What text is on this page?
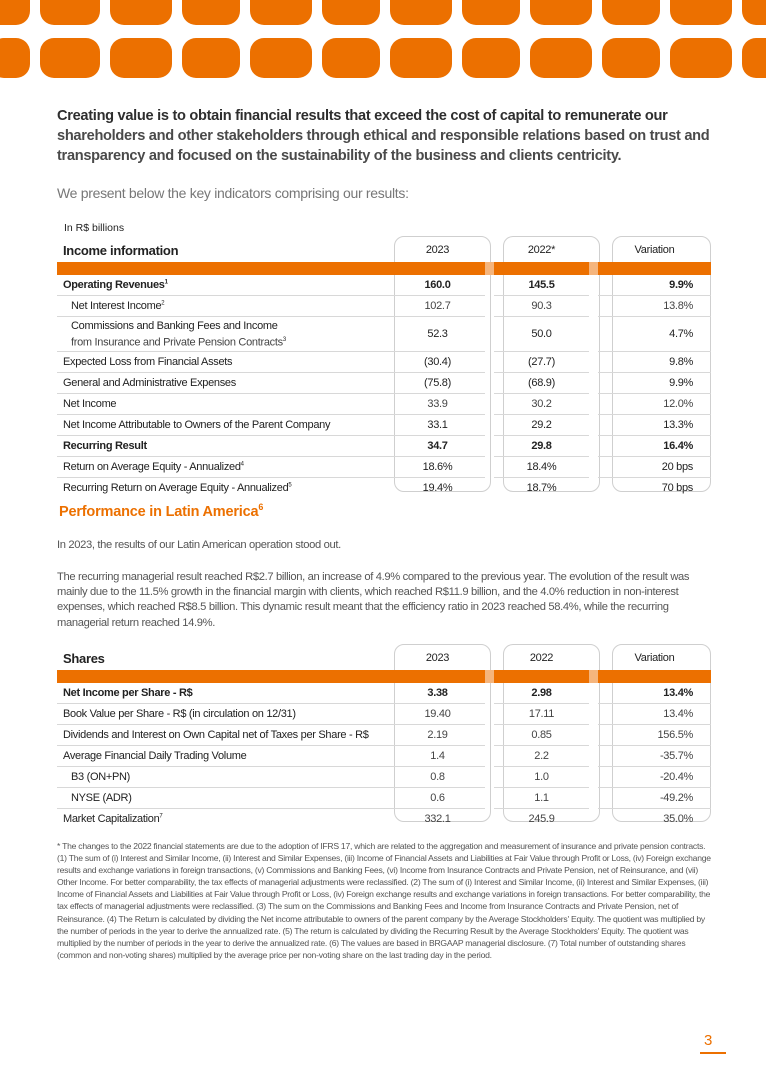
Creating value is to obtain financial results that exceed the cost of capital to remunerate our shareholders and other stakeholders through ethical and responsible relations based on trust and transparency and focused on the sustainability of the business and clients centricity.
We present below the key indicators comprising our results:
In R$ billions
Income information	2023		2022*		Variation

Operating Revenues$^1$	160.0		145.5		9.9%
Net Interest Income$^2$	102.7		90.3		13.8%
Commissions and Banking Fees and Income
from Insurance and Private Pension Contracts$^3$	52.3		50.0		4.7%
Expected Loss from Financial Assets	(30.4)		(27.7)		9.8%
General and Administrative Expenses	(75.8)		(68.9)		9.9%
Net Income	33.9		30.2		12.0%
Net Income Attributable to Owners of the Parent Company	33.1		29.2		13.3%
Recurring Result	34.7		29.8		16.4%
Return on Average Equity - Annualized$^4$	18.6%		18.4%		20 bps
Recurring Return on Average Equity - Annualized$^5$	19.4%		18.7%		70 bps
Performance in Latin America$^6$
In 2023, the results of our Latin American operation stood out.
The recurring managerial result reached R$2.7 billion, an increase of 4.9% compared to the previous year. The evolution of the result was mainly due to the 11.5% growth in the financial margin with clients, which reached R$11.9 billion, and the 4.0% reduction in non-interest expenses, which reached R$8.5 billion. This dynamic result meant that the efficiency ratio in 2023 reached 58.4%, while the recurring managerial return reached 14.9%.
Shares	2023		2022		Variation

Net Income per Share - R$	3.38		2.98		13.4%
Book Value per Share - R$ (in circulation on 12/31)	19.40		17.11		13.4%
Dividends and Interest on Own Capital net of Taxes per Share - R$	2.19		0.85		156.5%
Average Financial Daily Trading Volume	1.4		2.2		-35.7%
B3 (ON+PN)	0.8		1.0		-20.4%
NYSE (ADR)	0.6		1.1		-49.2%
Market Capitalization$^7$	332.1		245.9		35.0%
* The changes to the 2022 financial statements are due to the adoption of IFRS 17, which are related to the aggregation and measurement of insurance and private pension contracts. (1) The sum of (i) Interest and Similar Income, (ii) Interest and Similar Expenses, (iii) Income of Financial Assets and Liabilities at Fair Value through Profit or Loss, (iv) Foreign exchange results and exchange variations in foreign transactions, (v) Commissions and Banking Fees, (vi) Income from Insurance Contracts and Private Pension, net of Reinsurance, and (vii) Other Income. For better comparability, the tax effects of managerial adjustments were reclassified. (2) The sum of (i) Interest and Similar Income, (ii) Interest and Similar Expenses, (iii) Income of Financial Assets and Liabilities at Fair Value through Profit or Loss, (iv) Foreign exchange results and exchange variations in foreign transactions. For better comparability, the tax effects of managerial adjustments were reclassified. (3) The sum on the Commissions and Banking Fees and Income from Insurance Contracts and Private Pension, net of Reinsurance. (4) The Return is calculated by dividing the Net income attributable to owners of the parent company by the Average Stockholders' Equity. The quotient was multiplied by the number of periods in the year to derive the annualized rate. (5) The return is calculated by dividing the Recurring Result by the Average Stockholders' Equity. The quotient was multiplied by the number of periods in the year to derive the annualized rate. (6) The values are based in BRGAAP managerial disclosure. (7) Total number of outstanding shares (common and non-voting shares) multiplied by the average price per non-voting share on the last trading day in the period.
3
